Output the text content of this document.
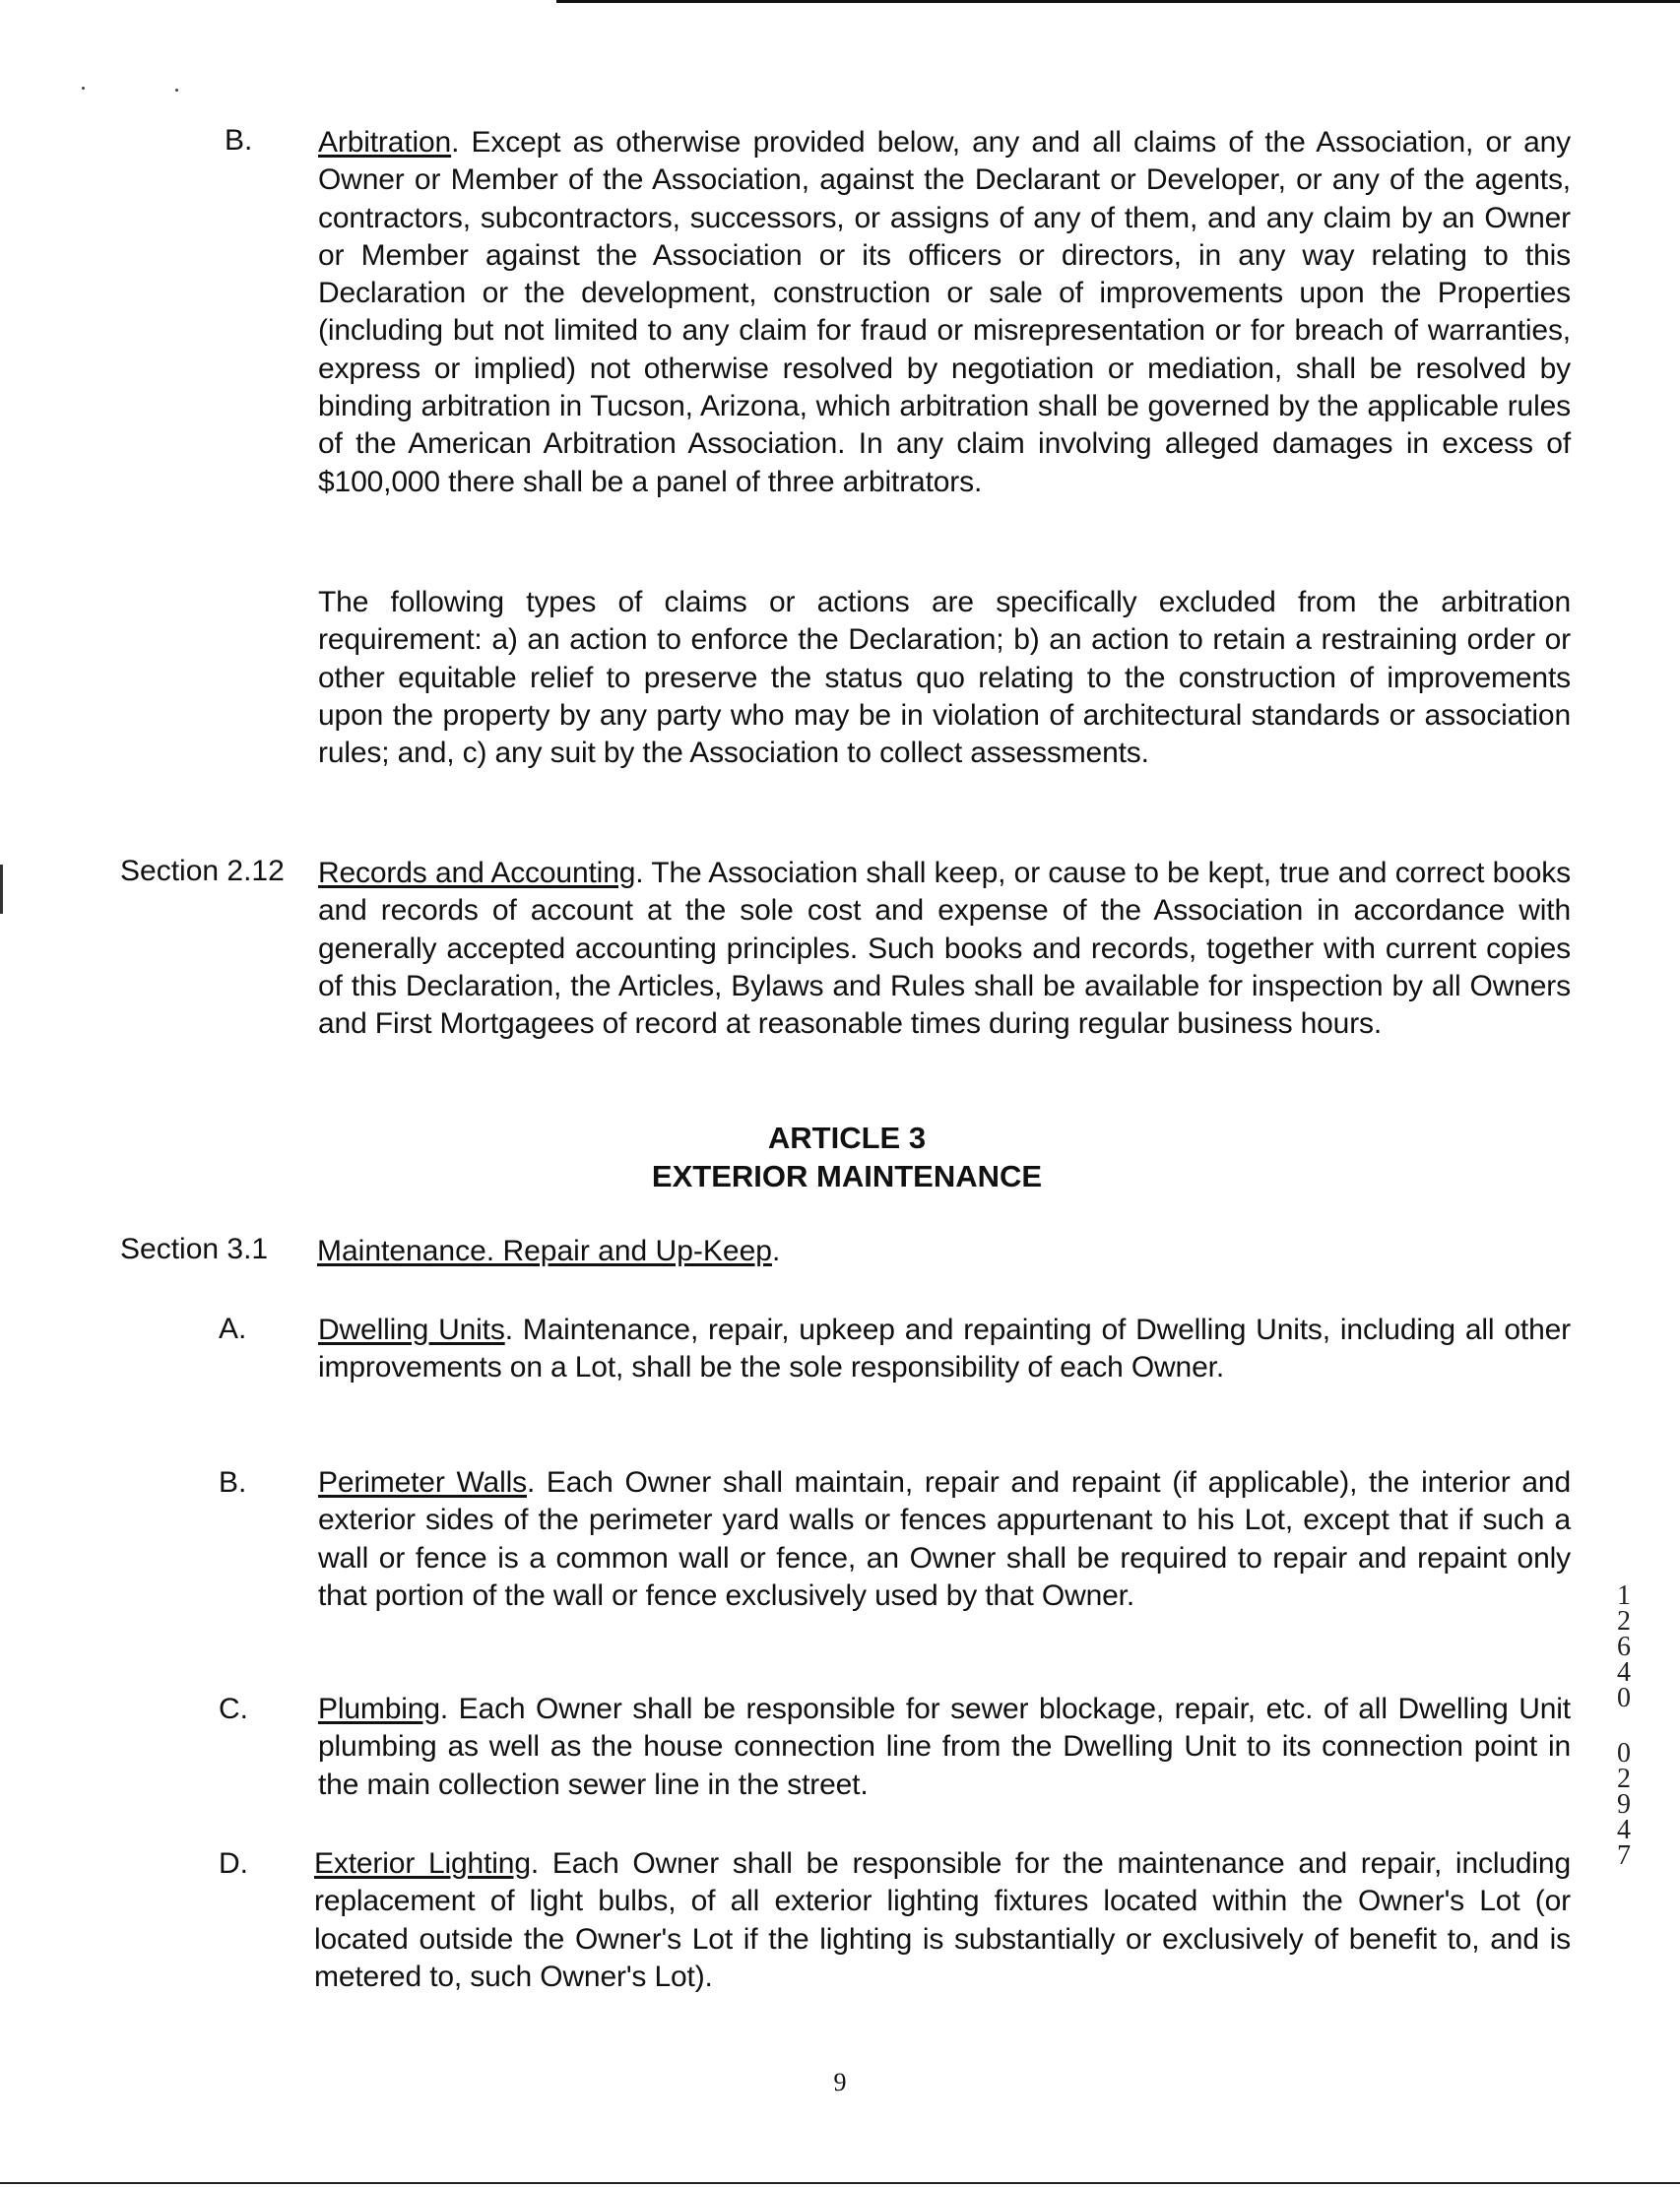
B. Arbitration. Except as otherwise provided below, any and all claims of the Association, or any Owner or Member of the Association, against the Declarant or Developer, or any of the agents, contractors, subcontractors, successors, or assigns of any of them, and any claim by an Owner or Member against the Association or its officers or directors, in any way relating to this Declaration or the development, construction or sale of improvements upon the Properties (including but not limited to any claim for fraud or misrepresentation or for breach of warranties, express or implied) not otherwise resolved by negotiation or mediation, shall be resolved by binding arbitration in Tucson, Arizona, which arbitration shall be governed by the applicable rules of the American Arbitration Association. In any claim involving alleged damages in excess of $100,000 there shall be a panel of three arbitrators.
The following types of claims or actions are specifically excluded from the arbitration requirement: a) an action to enforce the Declaration; b) an action to retain a restraining order or other equitable relief to preserve the status quo relating to the construction of improvements upon the property by any party who may be in violation of architectural standards or association rules; and, c) any suit by the Association to collect assessments.
Section 2.12 Records and Accounting. The Association shall keep, or cause to be kept, true and correct books and records of account at the sole cost and expense of the Association in accordance with generally accepted accounting principles. Such books and records, together with current copies of this Declaration, the Articles, Bylaws and Rules shall be available for inspection by all Owners and First Mortgagees of record at reasonable times during regular business hours.
ARTICLE 3
EXTERIOR MAINTENANCE
Section 3.1 Maintenance. Repair and Up-Keep.
A. Dwelling Units. Maintenance, repair, upkeep and repainting of Dwelling Units, including all other improvements on a Lot, shall be the sole responsibility of each Owner.
B. Perimeter Walls. Each Owner shall maintain, repair and repaint (if applicable), the interior and exterior sides of the perimeter yard walls or fences appurtenant to his Lot, except that if such a wall or fence is a common wall or fence, an Owner shall be required to repair and repaint only that portion of the wall or fence exclusively used by that Owner.
C. Plumbing. Each Owner shall be responsible for sewer blockage, repair, etc. of all Dwelling Unit plumbing as well as the house connection line from the Dwelling Unit to its connection point in the main collection sewer line in the street.
D. Exterior Lighting. Each Owner shall be responsible for the maintenance and repair, including replacement of light bulbs, of all exterior lighting fixtures located within the Owner's Lot (or located outside the Owner's Lot if the lighting is substantially or exclusively of benefit to, and is metered to, such Owner's Lot).
9
1
2
6
4
0
0
2
9
4
7
